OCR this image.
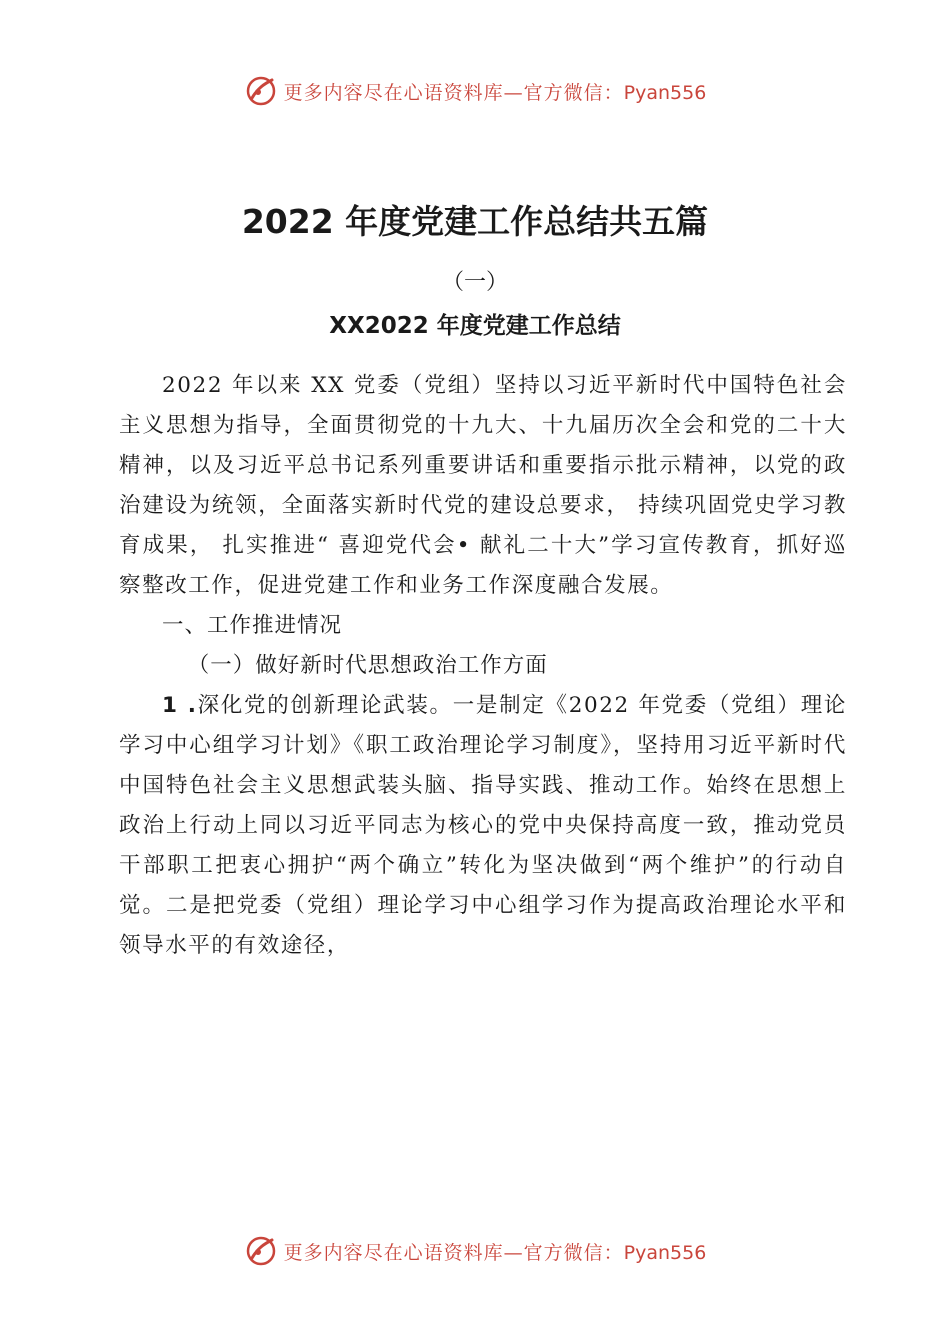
更多内容尽在心语资料库—官方微信：Pyan556
2022 年度党建工作总结共五篇
（一）
XX2022 年度党建工作总结

2022 年以来 XX 党委（党组）坚持以习近平新时代中国特色社会主义思想为指导，全面贯彻党的十九大、十九届历次全会和党的二十大精神，以及习近平总书记系列重要讲话和重要指示批示精神，以党的政治建设为统领，全面落实新时代党的建设总要求， 持续巩固党史学习教育成果， 扎实推进“ 喜迎党代会• 献礼二十大”学习宣传教育，抓好巡察整改工作，促进党建工作和业务工作深度融合发展。

一、工作推进情况

（一）做好新时代思想政治工作方面

1 .深化党的创新理论武装。一是制定《2022 年党委（党组）理论学习中心组学习计划》《职工政治理论学习制度》，坚持用习近平新时代中国特色社会主义思想武装头脑、指导实践、推动工作。始终在思想上政治上行动上同以习近平同志为核心的党中央保持高度一致，推动党员干部职工把衷心拥护“两个确立”转化为坚决做到“两个维护”的行动自觉。二是把党委（党组）理论学习中心组学习作为提高政治理论水平和领导水平的有效途径，

更多内容尽在心语资料库—官方微信：Pyan556
